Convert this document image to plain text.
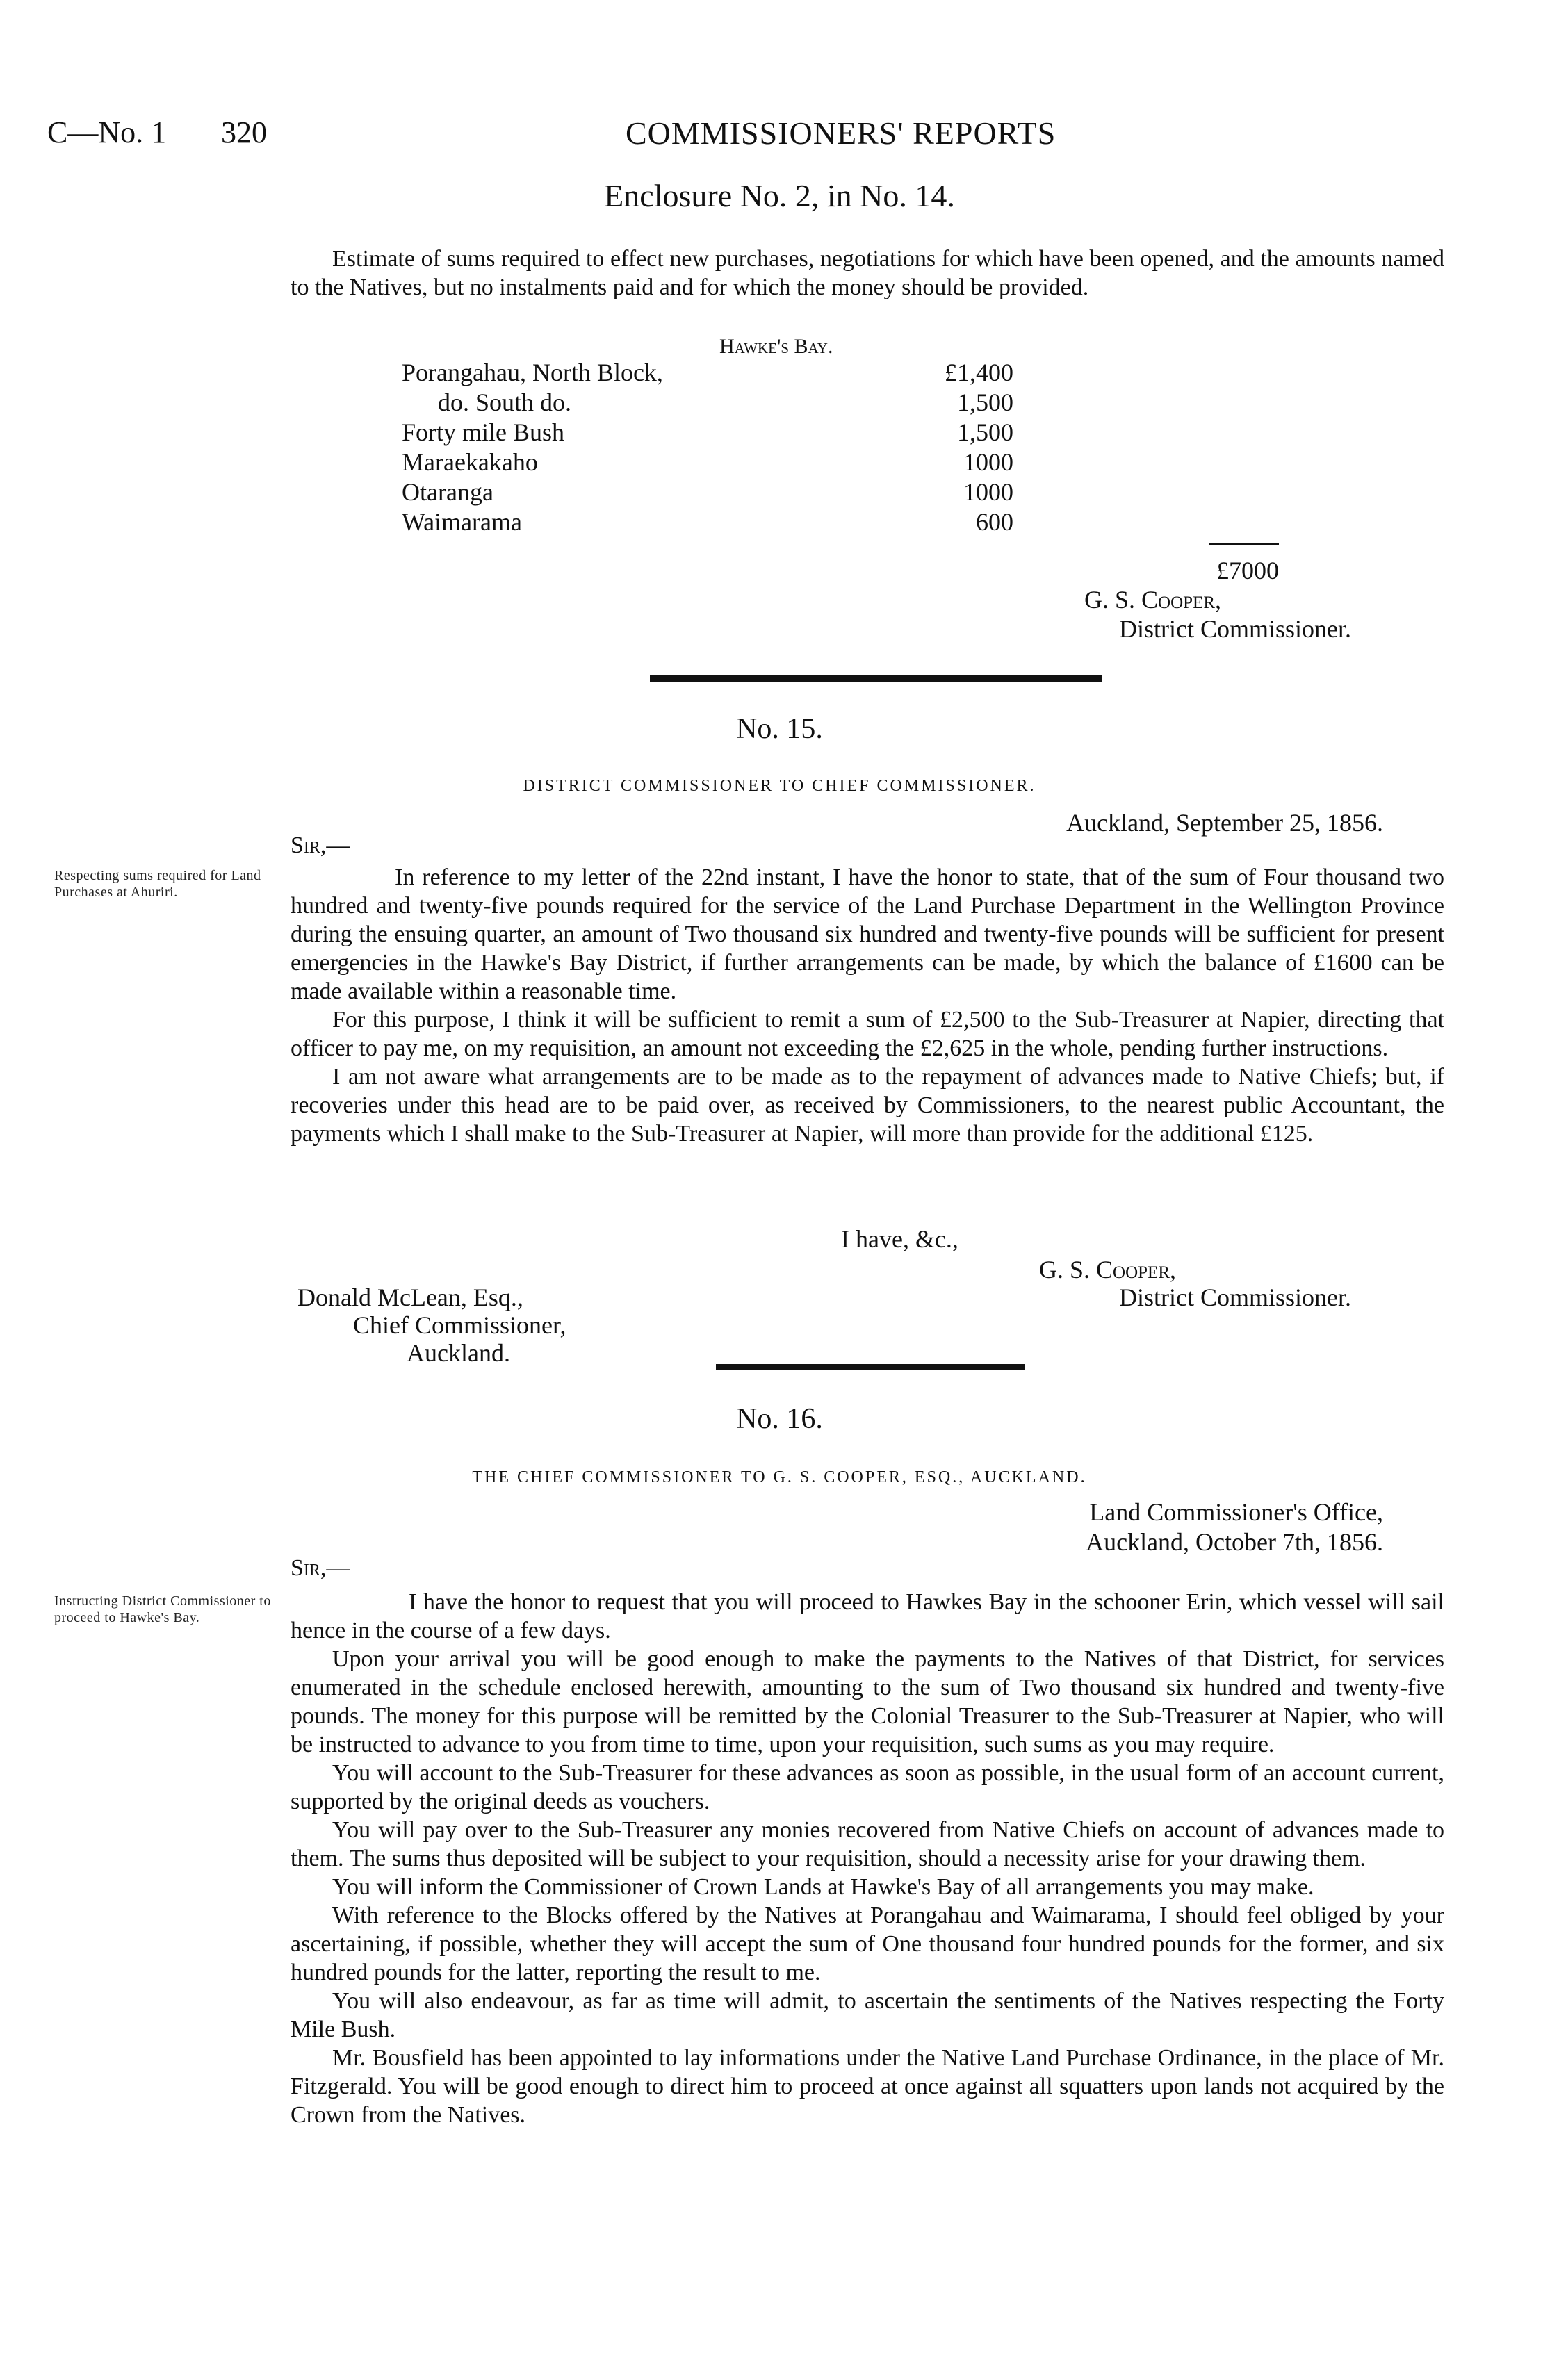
C—No. 1 320	COMMISSIONERS' REPORTS
Enclosure No. 2, in No. 14.

Estimate of sums required to effect new purchases, negotiations for which have been opened, and the amounts named to the Natives, but no instalments paid and for which the money should be provided.

Hawke's Bay.
Porangahau, North Block,	£1,400
do. South do.	1,500
Forty mile Bush	1,500
Maraekakaho	1000
Otaranga	1000
Waimarama	600
£7000
G. S. Cooper,
District Commissioner.
No. 15.
DISTRICT COMMISSIONER TO CHIEF COMMISSIONER.
Auckland, September 25, 1856.
Sir,—
Respecting sums required for Land Purchases at Ahuriri.

In reference to my letter of the 22nd instant, I have the honor to state, that of the sum of Four thousand two hundred and twenty-five pounds required for the service of the Land Purchase Department in the Wellington Province during the ensuing quarter, an amount of Two thousand six hundred and twenty-five pounds will be sufficient for present emergencies in the Hawke's Bay District, if further arrangements can be made, by which the balance of £1600 can be made available within a reasonable time.

For this purpose, I think it will be sufficient to remit a sum of £2,500 to the Sub-Treasurer at Napier, directing that officer to pay me, on my requisition, an amount not exceeding the £2,625 in the whole, pending further instructions.

I am not aware what arrangements are to be made as to the repayment of advances made to Native Chiefs; but, if recoveries under this head are to be paid over, as received by Commissioners, to the nearest public Accountant, the payments which I shall make to the Sub-Treasurer at Napier, will more than provide for the additional £125.

I have, &c.,
G. S. Cooper,
District Commissioner.
Donald McLean, Esq.,
Chief Commissioner,
Auckland.
No. 16.
THE CHIEF COMMISSIONER TO G. S. COOPER, ESQ., AUCKLAND.
Land Commissioner's Office,
Auckland, October 7th, 1856.
Sir,—
Instructing District Commissioner to proceed to Hawke's Bay.

I have the honor to request that you will proceed to Hawkes Bay in the schooner Erin, which vessel will sail hence in the course of a few days.

Upon your arrival you will be good enough to make the payments to the Natives of that District, for services enumerated in the schedule enclosed herewith, amounting to the sum of Two thousand six hundred and twenty-five pounds. The money for this purpose will be remitted by the Colonial Treasurer to the Sub-Treasurer at Napier, who will be instructed to advance to you from time to time, upon your requisition, such sums as you may require.

You will account to the Sub-Treasurer for these advances as soon as possible, in the usual form of an account current, supported by the original deeds as vouchers.

You will pay over to the Sub-Treasurer any monies recovered from Native Chiefs on account of advances made to them. The sums thus deposited will be subject to your requisition, should a necessity arise for your drawing them.

You will inform the Commissioner of Crown Lands at Hawke's Bay of all arrangements you may make.

With reference to the Blocks offered by the Natives at Porangahau and Waimarama, I should feel obliged by your ascertaining, if possible, whether they will accept the sum of One thousand four hundred pounds for the former, and six hundred pounds for the latter, reporting the result to me.

You will also endeavour, as far as time will admit, to ascertain the sentiments of the Natives respecting the Forty Mile Bush.

Mr. Bousfield has been appointed to lay informations under the Native Land Purchase Ordinance, in the place of Mr. Fitzgerald. You will be good enough to direct him to proceed at once against all squatters upon lands not acquired by the Crown from the Natives.
